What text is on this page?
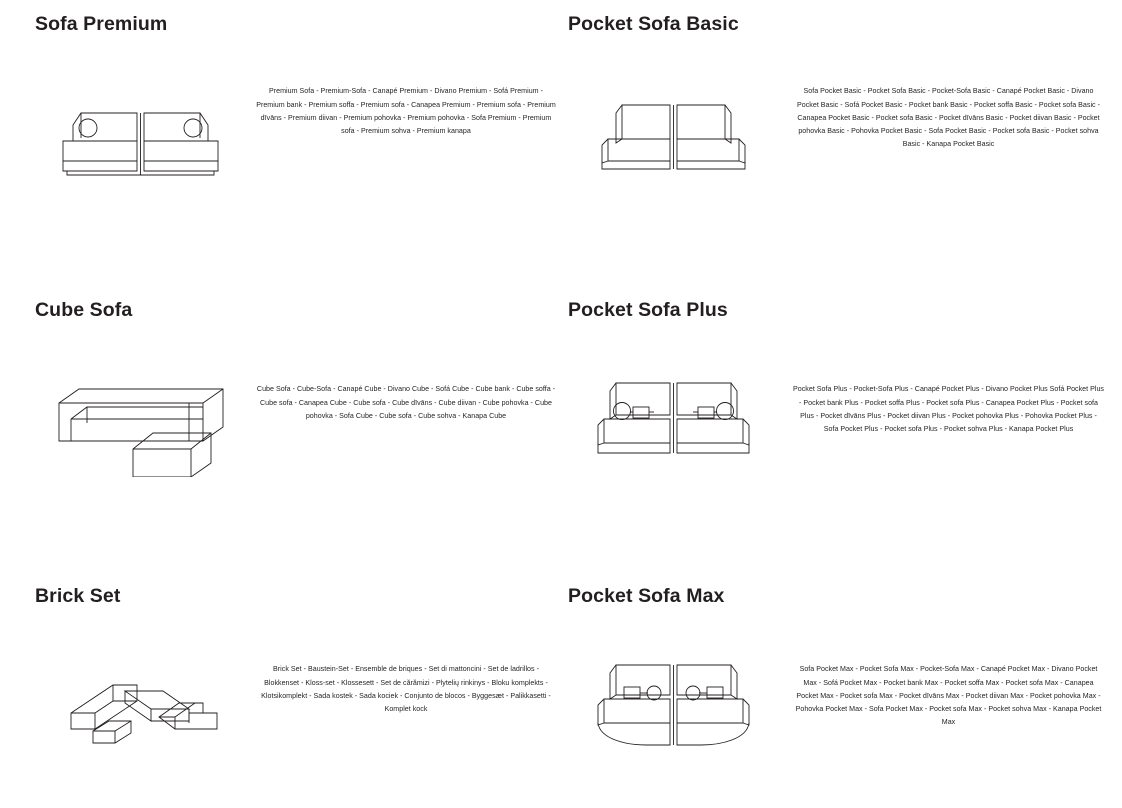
Sofa Premium
Premium Sofa - Premium-Sofa - Canapé Premium - Divano Premium - Sofá Premium - Premium bank - Premium soffa - Premium sofa - Canapea Premium - Premium sofa - Premium dīvāns - Premium diivan - Premium pohovka - Premium pohovka - Sofa Premium - Premium sofa - Premium sohva - Premium kanapa
Pocket Sofa Basic
Sofa Pocket Basic - Pocket Sofa Basic - Pocket-Sofa Basic - Canapé Pocket Basic - Divano Pocket Basic - Sofá Pocket Basic - Pocket bank Basic - Pocket soffa Basic - Pocket sofa Basic - Canapea Pocket Basic - Pocket sofa Basic - Pocket dīvāns Basic - Pocket diivan Basic - Pocket pohovka Basic - Pohovka Pocket Basic - Sofa Pocket Basic - Pocket sofa Basic - Pocket sohva Basic - Kanapa Pocket Basic
Cube Sofa
Cube Sofa - Cube-Sofa - Canapé Cube - Divano Cube - Sofá Cube - Cube bank - Cube soffa - Cube sofa - Canapea Cube - Cube sofa - Cube dīvāns - Cube diivan - Cube pohovka - Cube pohovka - Sofa Cube - Cube sofa - Cube sohva - Kanapa Cube
Pocket Sofa Plus
Pocket Sofa Plus - Pocket-Sofa Plus - Canapé Pocket Plus - Divano Pocket Plus Sofá Pocket Plus - Pocket bank Plus - Pocket soffa Plus - Pocket sofa Plus - Canapea Pocket Plus - Pocket sofa Plus - Pocket dīvāns Plus - Pocket diivan Plus - Pocket pohovka Plus - Pohovka Pocket Plus - Sofa Pocket Plus - Pocket sofa Plus - Pocket sohva Plus - Kanapa Pocket Plus
Brick Set
Brick Set - Baustein-Set - Ensemble de briques - Set di mattoncini - Set de ladrillos - Blokkenset - Kloss-set - Klossesett - Set de cărămizi - Plytelių rinkinys - Bloku komplekts - Klotsikomplekt - Sada kostek - Sada kociek - Conjunto de blocos - Byggesæt - Palikkasetti - Komplet kock
Pocket Sofa Max
Sofa Pocket Max - Pocket Sofa Max - Pocket-Sofa Max - Canapé Pocket Max - Divano Pocket Max - Sofá Pocket Max - Pocket bank Max - Pocket soffa Max - Pocket sofa Max - Canapea Pocket Max - Pocket sofa Max - Pocket dīvāns Max - Pocket diivan Max - Pocket pohovka Max - Pohovka Pocket Max - Sofa Pocket Max - Pocket sofa Max - Pocket sohva Max - Kanapa Pocket Max
